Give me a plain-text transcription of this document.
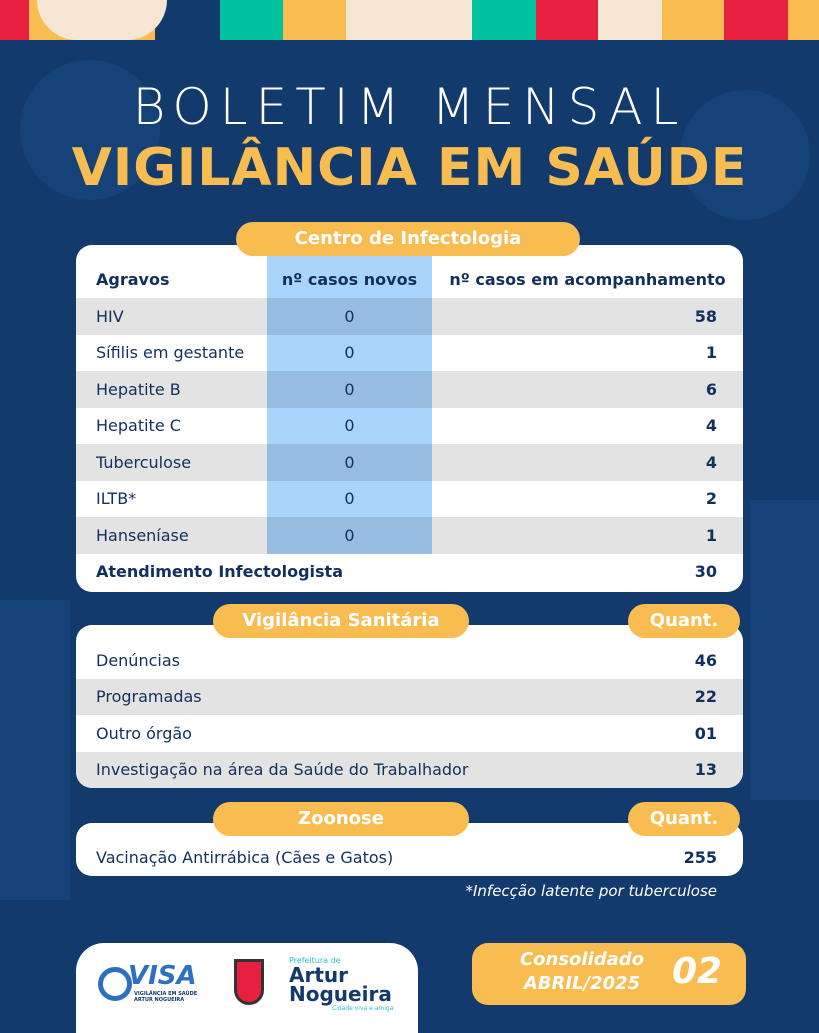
BOLETIM MENSAL
VIGILÂNCIA EM SAÚDE
Centro de Infectologia
Agravos	nº casos novos	nº casos em acompanhamento
HIV	0	58
Sífilis em gestante	0	1
Hepatite B	0	6
Hepatite C	0	4
Tuberculose	0	4
ILTB*	0	2
Hanseníase	0	1
Atendimento Infectologista	30
Vigilância Sanitária	Quant.
Denúncias	46
Programadas	22
Outro órgão	01
Investigação na área da Saúde do Trabalhador	13
Zoonose	Quant.
Vacinação Antirrábica (Cães e Gatos)	255
*Infecção latente por tuberculose
VISA
VIGILÂNCIA EM SAÚDE ARTUR NOGUEIRA
Prefeitura de
Artur
Nogueira
Cidade viva e amiga
Consolidado
ABRIL/2025 02
